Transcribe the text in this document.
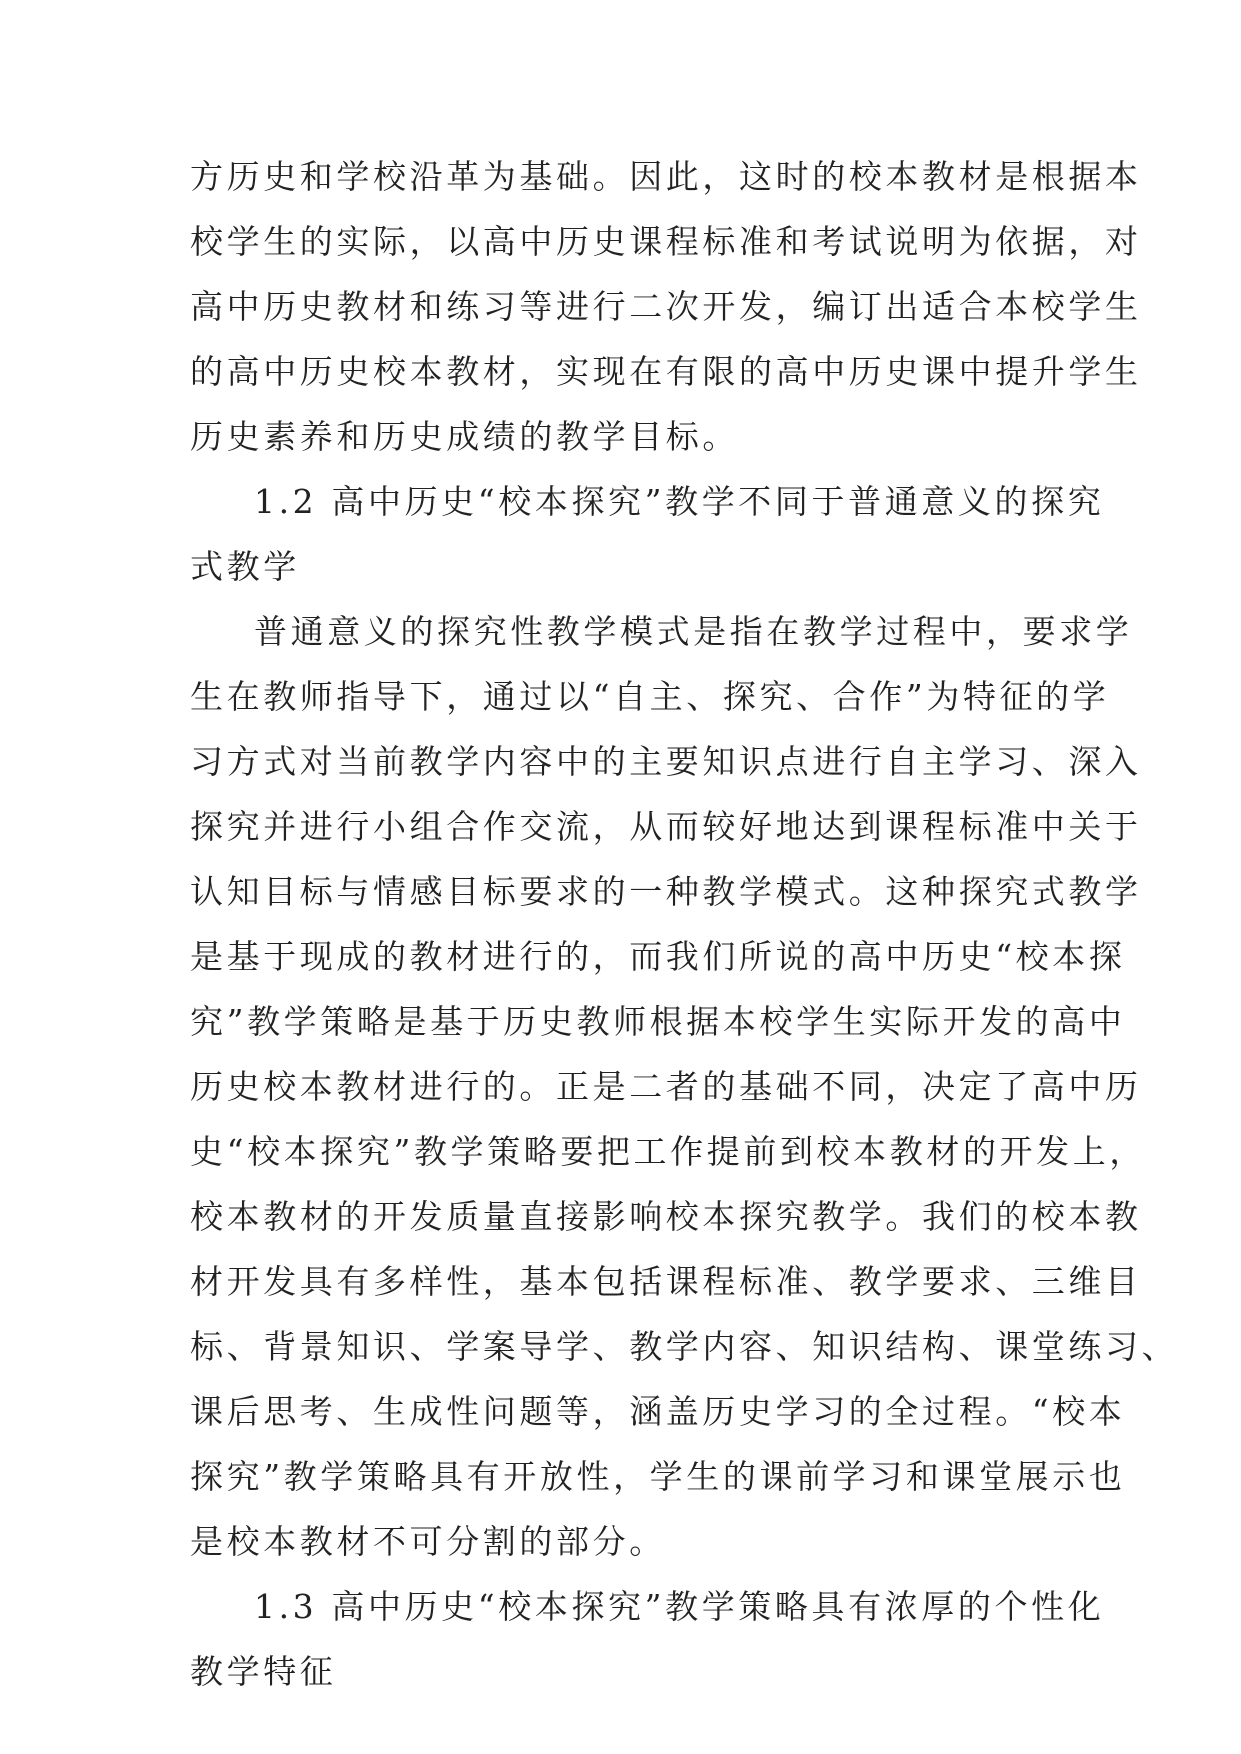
方历史和学校沿革为基础。因此，这时的校本教材是根据本
校学生的实际，以高中历史课程标准和考试说明为依据，对
高中历史教材和练习等进行二次开发，编订出适合本校学生
的高中历史校本教材，实现在有限的高中历史课中提升学生
历史素养和历史成绩的教学目标。
1.2 高中历史“校本探究”教学不同于普通意义的探究
式教学
普通意义的探究性教学模式是指在教学过程中，要求学
生在教师指导下，通过以“自主、探究、合作”为特征的学
习方式对当前教学内容中的主要知识点进行自主学习、深入
探究并进行小组合作交流，从而较好地达到课程标准中关于
认知目标与情感目标要求的一种教学模式。这种探究式教学
是基于现成的教材进行的，而我们所说的高中历史“校本探
究”教学策略是基于历史教师根据本校学生实际开发的高中
历史校本教材进行的。正是二者的基础不同，决定了高中历
史“校本探究”教学策略要把工作提前到校本教材的开发上，
校本教材的开发质量直接影响校本探究教学。我们的校本教
材开发具有多样性，基本包括课程标准、教学要求、三维目
标、背景知识、学案导学、教学内容、知识结构、课堂练习、
课后思考、生成性问题等，涵盖历史学习的全过程。“校本
探究”教学策略具有开放性，学生的课前学习和课堂展示也
是校本教材不可分割的部分。
1.3 高中历史“校本探究”教学策略具有浓厚的个性化
教学特征
